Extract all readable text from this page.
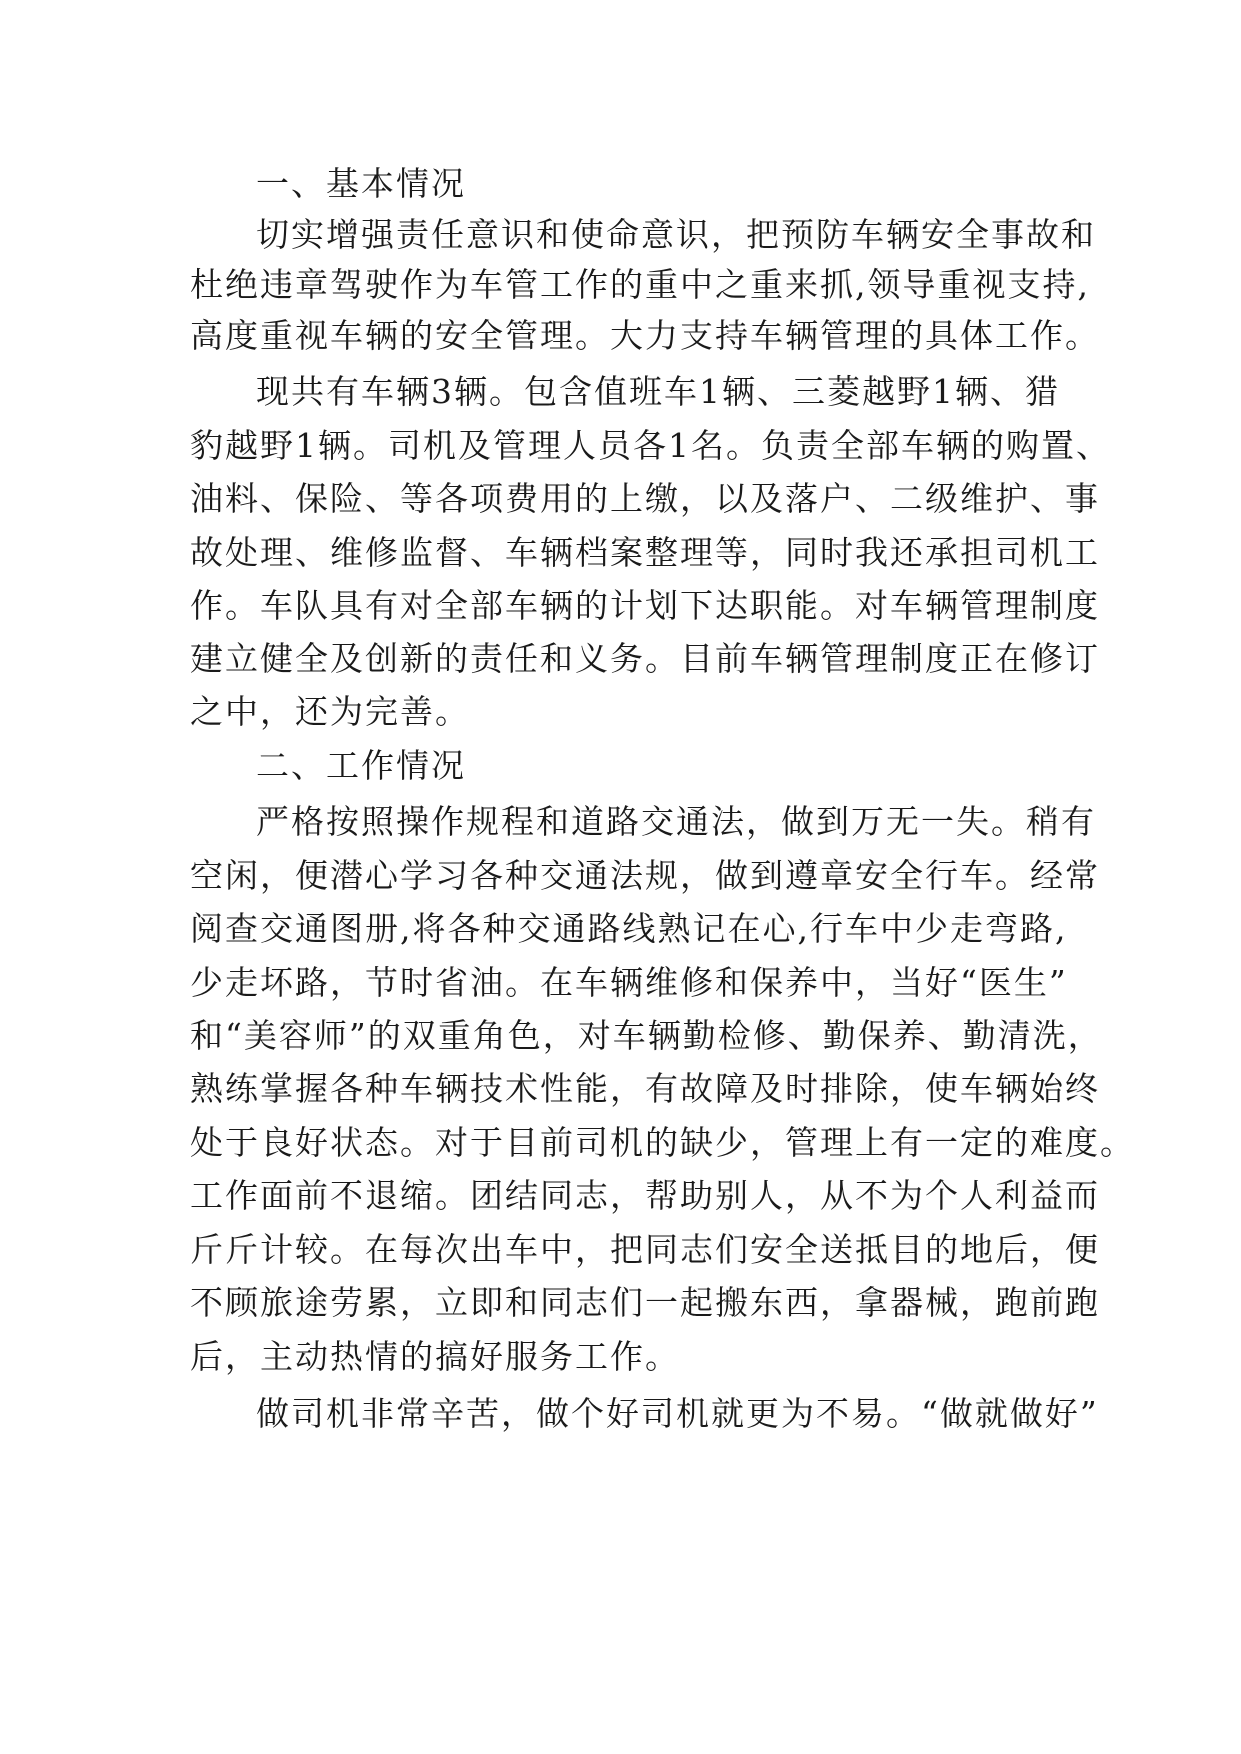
一、基本情况
切实增强责任意识和使命意识，把预防车辆安全事故和
杜绝违章驾驶作为车管工作的重中之重来抓,领导重视支持,
高度重视车辆的安全管理。大力支持车辆管理的具体工作。
现共有车辆3辆。包含值班车1辆、三菱越野1辆、猎
豹越野1辆。司机及管理人员各1名。负责全部车辆的购置、
油料、保险、等各项费用的上缴，以及落户、二级维护、事
故处理、维修监督、车辆档案整理等，同时我还承担司机工
作。车队具有对全部车辆的计划下达职能。对车辆管理制度
建立健全及创新的责任和义务。目前车辆管理制度正在修订
之中，还为完善。
二、工作情况
严格按照操作规程和道路交通法，做到万无一失。稍有
空闲，便潜心学习各种交通法规，做到遵章安全行车。经常
阅查交通图册,将各种交通路线熟记在心,行车中少走弯路,
少走坏路，节时省油。在车辆维修和保养中，当好“医生”
和“美容师”的双重角色，对车辆勤检修、勤保养、勤清洗，
熟练掌握各种车辆技术性能，有故障及时排除，使车辆始终
处于良好状态。对于目前司机的缺少，管理上有一定的难度。
工作面前不退缩。团结同志，帮助别人，从不为个人利益而
斤斤计较。在每次出车中，把同志们安全送抵目的地后，便
不顾旅途劳累，立即和同志们一起搬东西，拿器械，跑前跑
后，主动热情的搞好服务工作。
做司机非常辛苦，做个好司机就更为不易。“做就做好”
